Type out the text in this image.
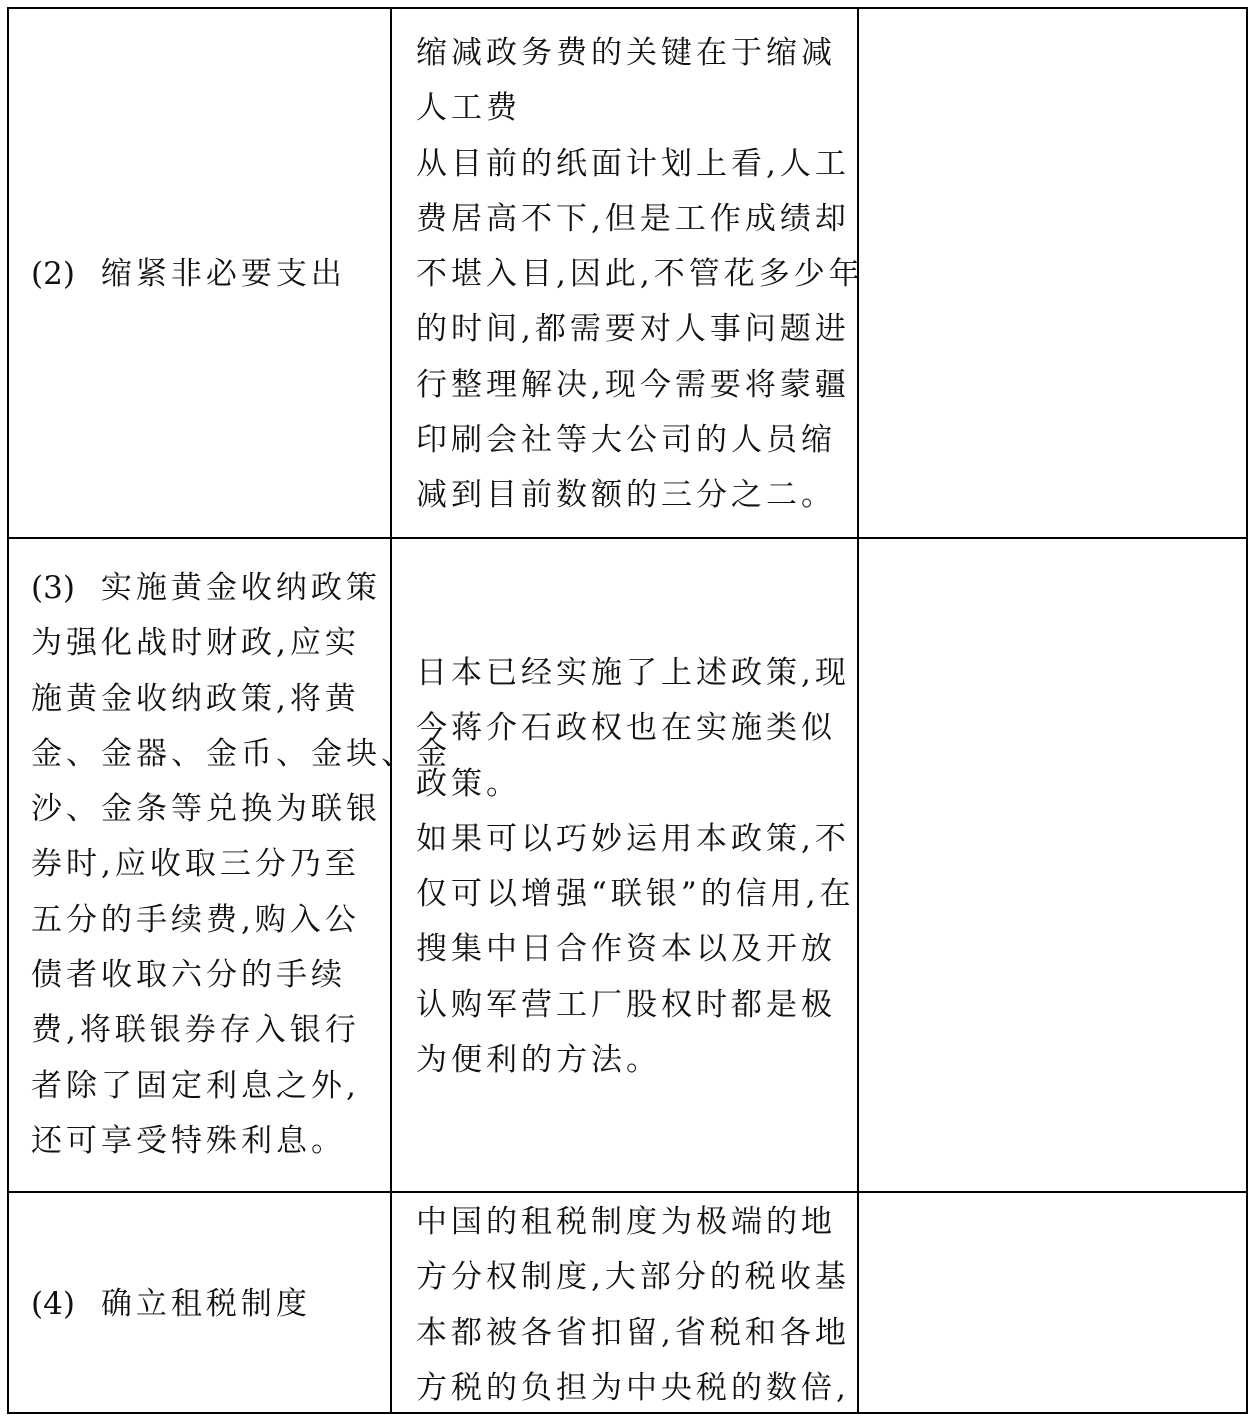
(2) 缩紧非必要支出

缩减政务费的关键在于缩减

人工费

从目前的纸面计划上看,人工

费居高不下,但是工作成绩却

不堪入目,因此,不管花多少年

的时间,都需要对人事问题进

行整理解决,现今需要将蒙疆

印刷会社等大公司的人员缩

减到目前数额的三分之二。

(3) 实施黄金收纳政策

为强化战时财政,应实

施黄金收纳政策,将黄

金、金器、金币、金块、金

沙、金条等兑换为联银

券时,应收取三分乃至

五分的手续费,购入公

债者收取六分的手续

费,将联银券存入银行

者除了固定利息之外,

还可享受特殊利息。

日本已经实施了上述政策,现

今蒋介石政权也在实施类似

政策。

如果可以巧妙运用本政策,不

仅可以增强“联银”的信用,在

搜集中日合作资本以及开放

认购军营工厂股权时都是极

为便利的方法。

(4) 确立租税制度

中国的租税制度为极端的地

方分权制度,大部分的税收基

本都被各省扣留,省税和各地

方税的负担为中央税的数倍,
